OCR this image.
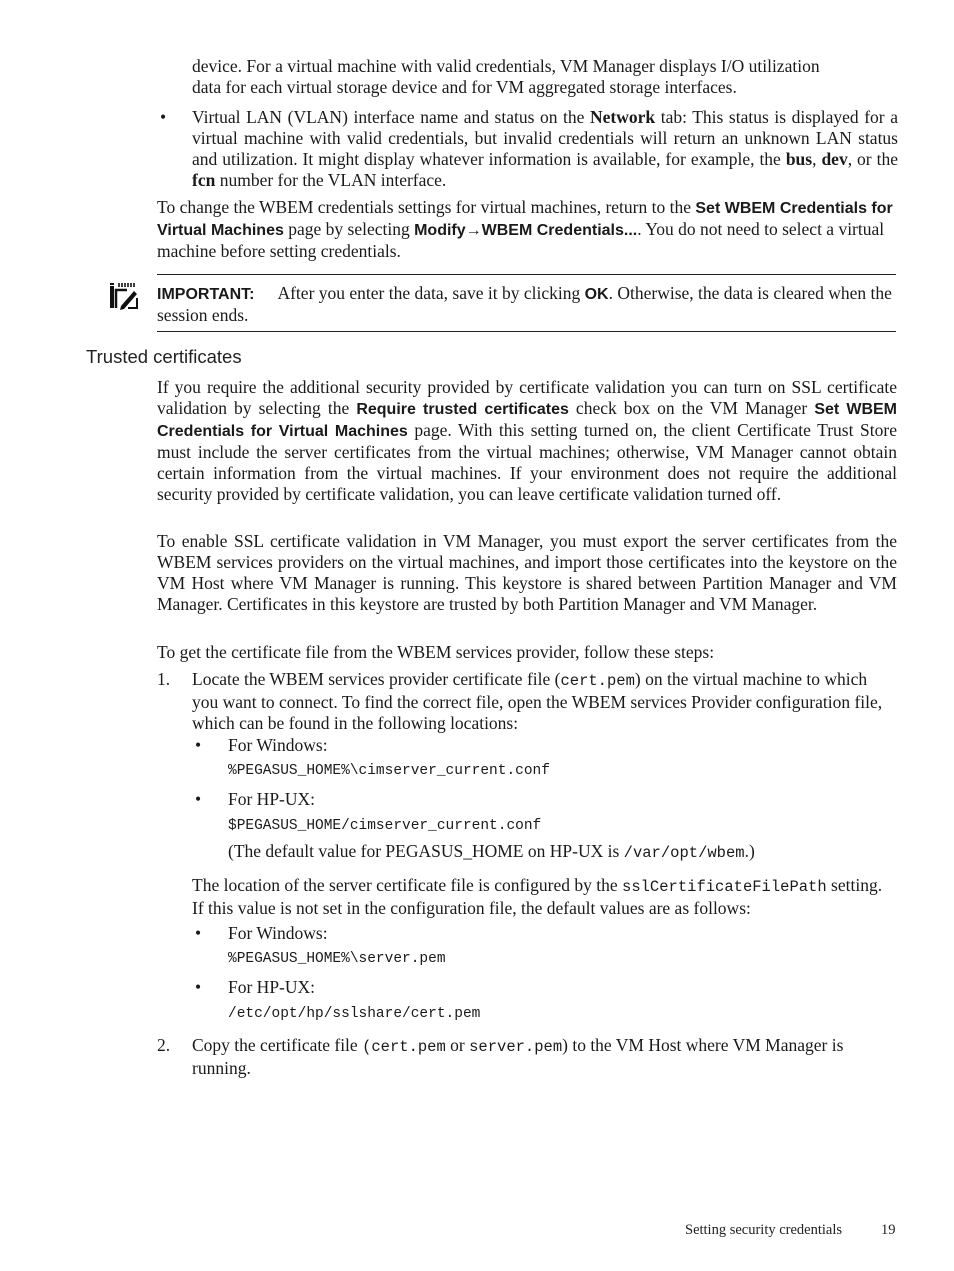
device. For a virtual machine with valid credentials, VM Manager displays I/O utilization
data for each virtual storage device and for VM aggregated storage interfaces.

• Virtual LAN (VLAN) interface name and status on the Network tab: This status is displayed for a virtual machine with valid credentials, but invalid credentials will return an unknown LAN status and utilization. It might display whatever information is available, for example, the bus, dev, or the fcn number for the VLAN interface.

To change the WBEM credentials settings for virtual machines, return to the Set WBEM Credentials for Virtual Machines page by selecting Modify→WBEM Credentials.... You do not need to select a virtual machine before setting credentials.

IMPORTANT: After you enter the data, save it by clicking OK. Otherwise, the data is cleared when the session ends.

Trusted certificates

If you require the additional security provided by certificate validation you can turn on SSL certificate validation by selecting the Require trusted certificates check box on the VM Manager Set WBEM Credentials for Virtual Machines page. With this setting turned on, the client Certificate Trust Store must include the server certificates from the virtual machines; otherwise, VM Manager cannot obtain certain information from the virtual machines. If your environment does not require the additional security provided by certificate validation, you can leave certificate validation turned off.

To enable SSL certificate validation in VM Manager, you must export the server certificates from the WBEM services providers on the virtual machines, and import those certificates into the keystore on the VM Host where VM Manager is running. This keystore is shared between Partition Manager and VM Manager. Certificates in this keystore are trusted by both Partition Manager and VM Manager.

To get the certificate file from the WBEM services provider, follow these steps:

1. Locate the WBEM services provider certificate file (cert.pem) on the virtual machine to which you want to connect. To find the correct file, open the WBEM services Provider configuration file, which can be found in the following locations:

• For Windows:
%PEGASUS_HOME%\cimserver_current.conf
• For HP-UX:
$PEGASUS_HOME/cimserver_current.conf

(The default value for PEGASUS_HOME on HP-UX is /var/opt/wbem.)

The location of the server certificate file is configured by the sslCertificateFilePath setting. If this value is not set in the configuration file, the default values are as follows:

• For Windows:
%PEGASUS_HOME%\server.pem
• For HP-UX:
/etc/opt/hp/sslshare/cert.pem
2. Copy the certificate file (cert.pem or server.pem) to the VM Host where VM Manager is running.

Setting security credentials	19
